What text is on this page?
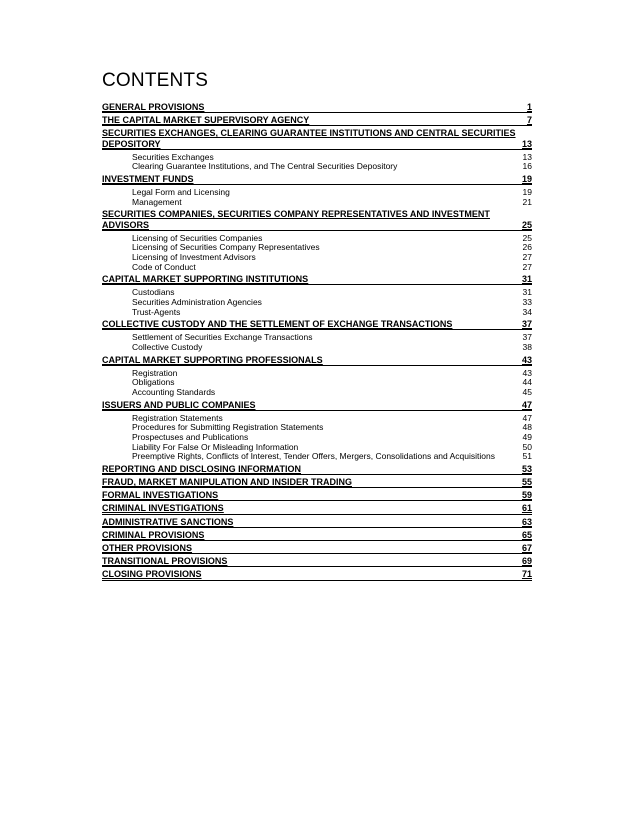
CONTENTS
GENERAL PROVISIONS	1
THE CAPITAL MARKET SUPERVISORY AGENCY	7
SECURITIES EXCHANGES, CLEARING GUARANTEE INSTITUTIONS AND CENTRAL SECURITIES DEPOSITORY	13
Securities Exchanges	13
Clearing Guarantee Institutions, and The Central Securities Depository	16
INVESTMENT FUNDS	19
Legal Form and Licensing	19
Management	21
SECURITIES COMPANIES, SECURITIES COMPANY REPRESENTATIVES AND INVESTMENT ADVISORS	25
Licensing of Securities Companies	25
Licensing of Securities Company Representatives	26
Licensing of Investment Advisors	27
Code of Conduct	27
CAPITAL MARKET SUPPORTING INSTITUTIONS	31
Custodians	31
Securities Administration Agencies	33
Trust-Agents	34
COLLECTIVE CUSTODY AND THE SETTLEMENT OF EXCHANGE TRANSACTIONS	37
Settlement of Securities Exchange Transactions	37
Collective Custody	38
CAPITAL MARKET SUPPORTING PROFESSIONALS	43
Registration	43
Obligations	44
Accounting Standards	45
ISSUERS AND PUBLIC COMPANIES	47
Registration Statements	47
Procedures for Submitting Registration Statements	48
Prospectuses and Publications	49
Liability For False Or Misleading Information	50
Preemptive Rights, Conflicts of Interest, Tender Offers, Mergers, Consolidations and Acquisitions	51
REPORTING AND DISCLOSING INFORMATION	53
FRAUD, MARKET MANIPULATION AND INSIDER TRADING	55
FORMAL INVESTIGATIONS	59
CRIMINAL INVESTIGATIONS	61
ADMINISTRATIVE SANCTIONS	63
CRIMINAL PROVISIONS	65
OTHER PROVISIONS	67
TRANSITIONAL PROVISIONS	69
CLOSING PROVISIONS	71
